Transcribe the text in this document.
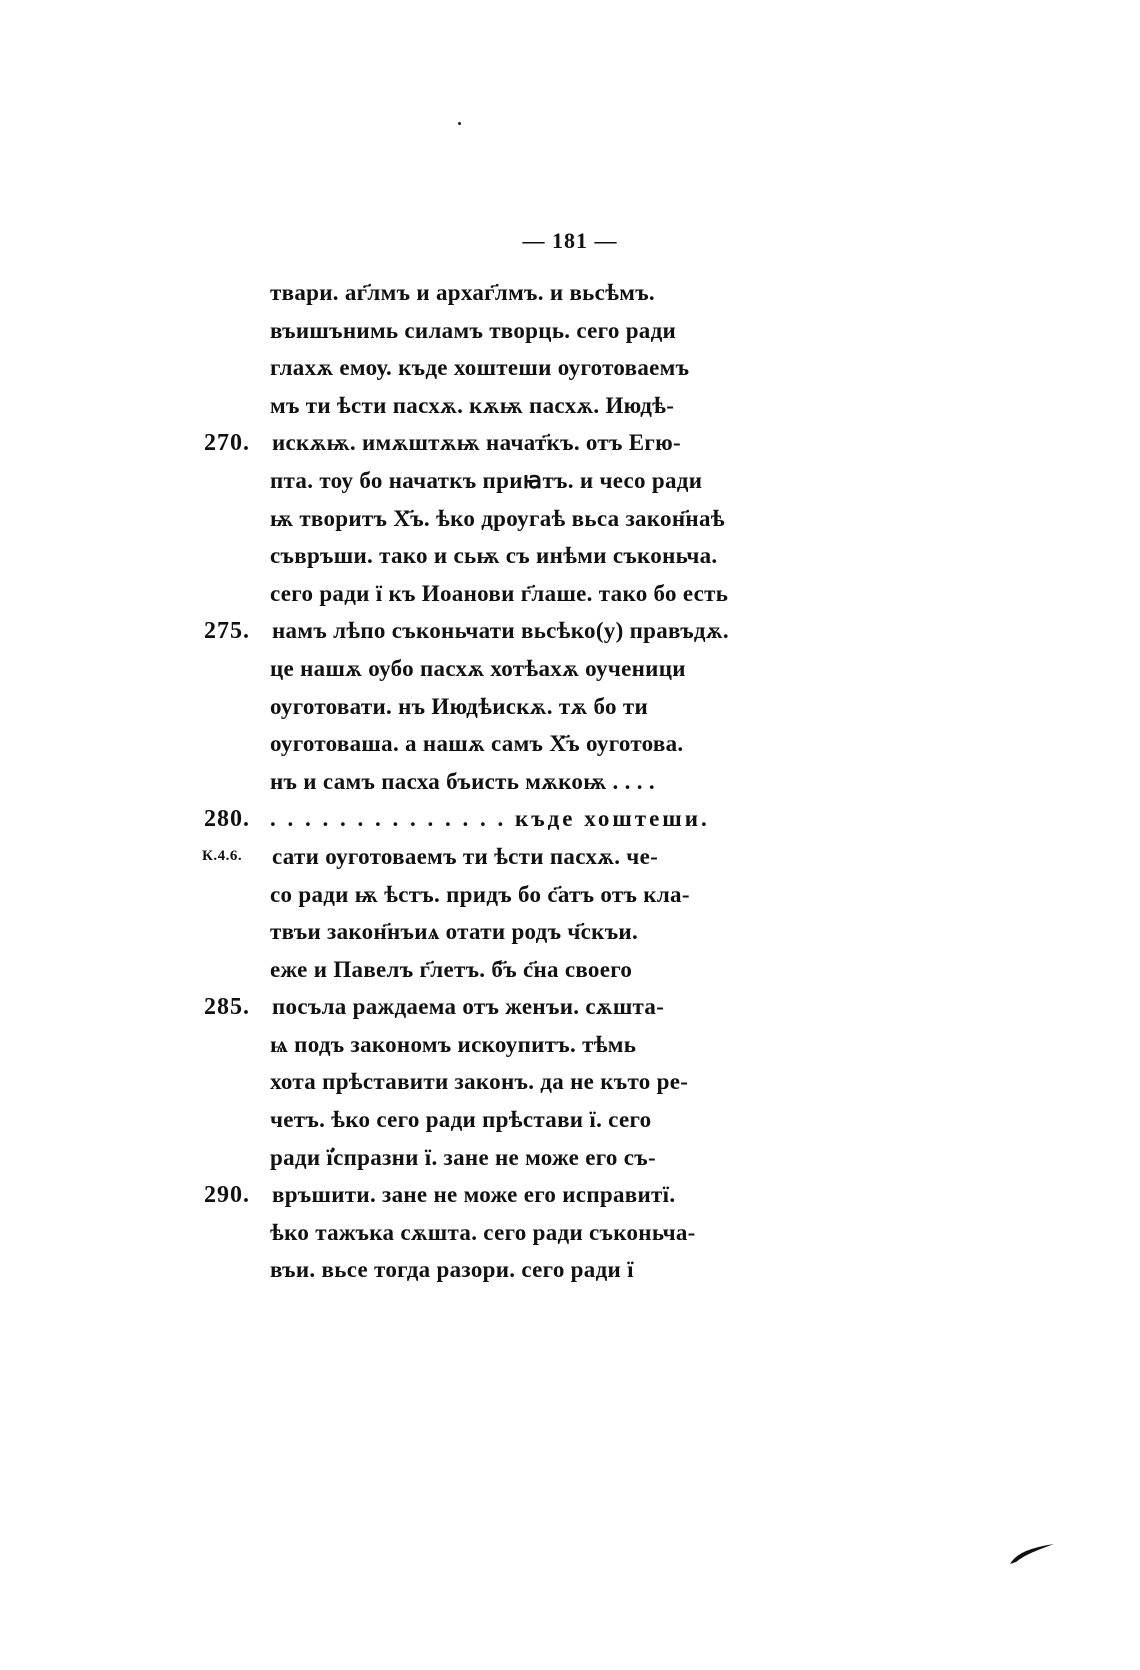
— 181 —
твари. аг҃лмъ и архаг҃лмъ. и вьсѣмъ.
въишънимь силамъ творць. сего ради
глахѫ емоу. къде хоштеши оуготоваемъ
мъ ти ѣсти пасхѫ. кѫѭ пасхѫ. Июдѣ-
270. искѫѭ. имѫштѫѭ начат҃къ. отъ Егю-
пта. тоу бо начаткъ приꙗтъ. и чесо ради
ѭ творитъ Х҃ъ. ѣко дроугаѣ вьса закон҃наѣ
съвръши. тако и сьѭ съ инѣми съконьча.
сего ради ї къ Иоанови г҃лаше. тако бо есть
275. намъ лѣпо съконьчати вьсѣко(у) правъдѫ.
це нашѫ оубо пасхѫ хотѣахѫ оученици
оуготовати. нъ Июдѣискѫ. тѫ бо ти
оуготоваша. а нашѫ самъ Х҃ъ оуготова.
нъ и самъ пасха бъисть мѫкоѭ . . . .
280. . . . . . . . . . . . . . . къде хоштеши.
К.4.6. сати оуготоваемъ ти ѣсти пасхѫ. че-
со ради ѭ ѣстъ. придъ бо с҃атъ отъ кла-
твъи закон҃нъиѧ отати родъ ч҃скъи.
еже и Павелъ г҃летъ. б҃ъ с҃на своего
285. посъла раждаема отъ женъи. сѫшта-
ѩ подъ закономъ искоупитъ. тѣмь
хота прѣставити законъ. да не къто ре-
четъ. ѣко сего ради прѣстави ї. сего
ради ї҆спразни ї. зане не може его съ-
290. връшити. зане не може его исправитї.
ѣко тажъка сѫшта. сего ради съконьча-
въи. вьсе тогда разори. сего ради ї
